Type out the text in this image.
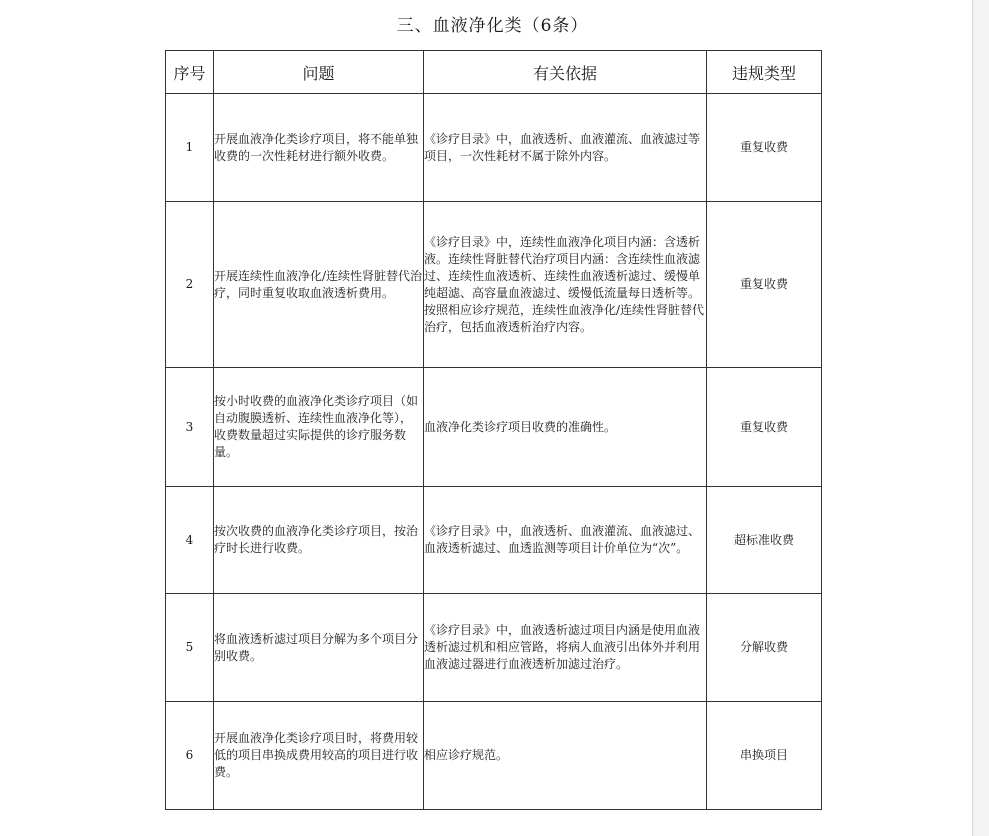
三、血液净化类（6条）
序号	问题	有关依据	违规类型
1	开展血液净化类诊疗项目，将不能单独收费的一次性耗材进行额外收费。	《诊疗目录》中，血液透析、血液灌流、血液滤过等项目，一次性耗材不属于除外内容。	重复收费
2	开展连续性血液净化/连续性肾脏替代治疗，同时重复收取血液透析费用。	《诊疗目录》中，连续性血液净化项目内涵：含透析液。连续性肾脏替代治疗项目内涵：含连续性血液滤过、连续性血液透析、连续性血液透析滤过、缓慢单纯超滤、高容量血液滤过、缓慢低流量每日透析等。按照相应诊疗规范，连续性血液净化/连续性肾脏替代治疗，包括血液透析治疗内容。	重复收费
3	按小时收费的血液净化类诊疗项目（如自动腹膜透析、连续性血液净化等），收费数量超过实际提供的诊疗服务数量。	血液净化类诊疗项目收费的准确性。	重复收费
4	按次收费的血液净化类诊疗项目，按治疗时长进行收费。	《诊疗目录》中，血液透析、血液灌流、血液滤过、血液透析滤过、血透监测等项目计价单位为“次”。	超标准收费
5	将血液透析滤过项目分解为多个项目分别收费。	《诊疗目录》中，血液透析滤过项目内涵是使用血液透析滤过机和相应管路，将病人血液引出体外并利用血液滤过器进行血液透析加滤过治疗。	分解收费
6	开展血液净化类诊疗项目时，将费用较低的项目串换成费用较高的项目进行收费。	相应诊疗规范。	串换项目
